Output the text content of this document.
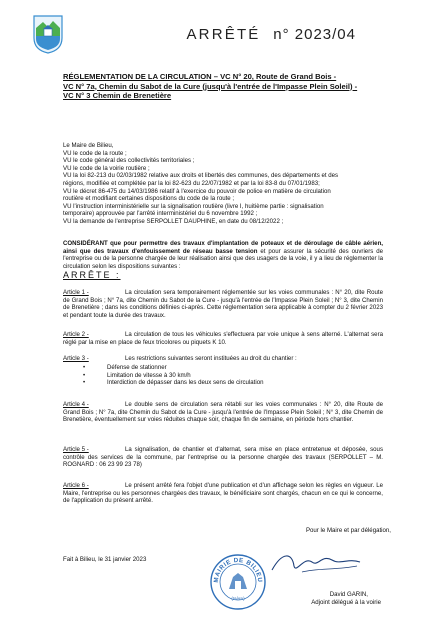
ARRÊTÉ n° 2023/04
RÉGLEMENTATION DE LA CIRCULATION – VC N° 20, Route de Grand Bois -
VC N° 7a, Chemin du Sabot de la Cure (jusqu'à l'entrée de l'Impasse Plein Soleil) -
VC N° 3 Chemin de Brenetière
Le Maire de Bilieu,
VU le code de la route ;
VU le code général des collectivités territoriales ;
VU le code de la voirie routière ;
VU la loi 82-213 du 02/03/1982 relative aux droits et libertés des communes, des départements et des
régions, modifiée et complétée par la loi 82-623 du 22/07/1982 et par la loi 83-8 du 07/01/1983;
VU le décret 86-475 du 14/03/1986 relatif à l'exercice du pouvoir de police en matière de circulation
routière et modifiant certaines dispositions du code de la route ;
VU l'instruction interministérielle sur la signalisation routière (livre I, huitième partie : signalisation
temporaire) approuvée par l'arrêté interministériel du 6 novembre 1992 ;
VU la demande de l'entreprise SERPOLLET DAUPHINE, en date du 08/12/2022 ;
CONSIDÉRANT que pour permettre des travaux d'implantation de poteaux et de déroulage de câble aérien, ainsi que des travaux d'enfouissement de réseau basse tension et pour assurer la sécurité des ouvriers de l'entreprise ou de la personne chargée de leur réalisation ainsi que des usagers de la voie, il y a lieu de réglementer la circulation selon les dispositions suivantes :
ARRÊTE :
Article 1 -	La circulation sera temporairement réglementée sur les voies communales : N° 20, dite Route de Grand Bois ; N° 7a, dite Chemin du Sabot de la Cure - jusqu'à l'entrée de l'Impasse Plein Soleil ; N° 3, dite Chemin de Brenetière ; dans les conditions définies ci-après. Cette réglementation sera applicable à compter du 2 février 2023 et pendant toute la durée des travaux.
Article 2 -	La circulation de tous les véhicules s'effectuera par voie unique à sens alterné. L'alternat sera réglé par la mise en place de feux tricolores ou piquets K 10.
Article 3 -	Les restrictions suivantes seront instituées au droit du chantier :
• Défense de stationner
• Limitation de vitesse à 30 km/h
• Interdiction de dépasser dans les deux sens de circulation
Article 4 -	Le double sens de circulation sera rétabli sur les voies communales : N° 20, dite Route de Grand Bois ; N° 7a, dite Chemin du Sabot de la Cure - jusqu'à l'entrée de l'Impasse Plein Soleil ; N° 3, dite Chemin de Brenetière, éventuellement sur voies réduites chaque soir, chaque fin de semaine, en période hors chantier.
Article 5 -	La signalisation, de chantier et d'alternat, sera mise en place entretenue et déposée, sous contrôle des services de la commune, par l'entreprise ou la personne chargée des travaux (SERPOLLET – M. ROGNARD : 06 23 99 23 78)
Article 6 -	Le présent arrêté fera l'objet d'une publication et d'un affichage selon les règles en vigueur. Le Maire, l'entreprise ou les personnes chargées des travaux, le bénéficiaire sont chargés, chacun en ce qui le concerne, de l'application du présent arrêté.
Fait à Bilieu, le 31 janvier 2023
Pour le Maire et par délégation,
MAIRIE DE BILIEU
(Isère)
David GARIN,
Adjoint délégué à la voirie
